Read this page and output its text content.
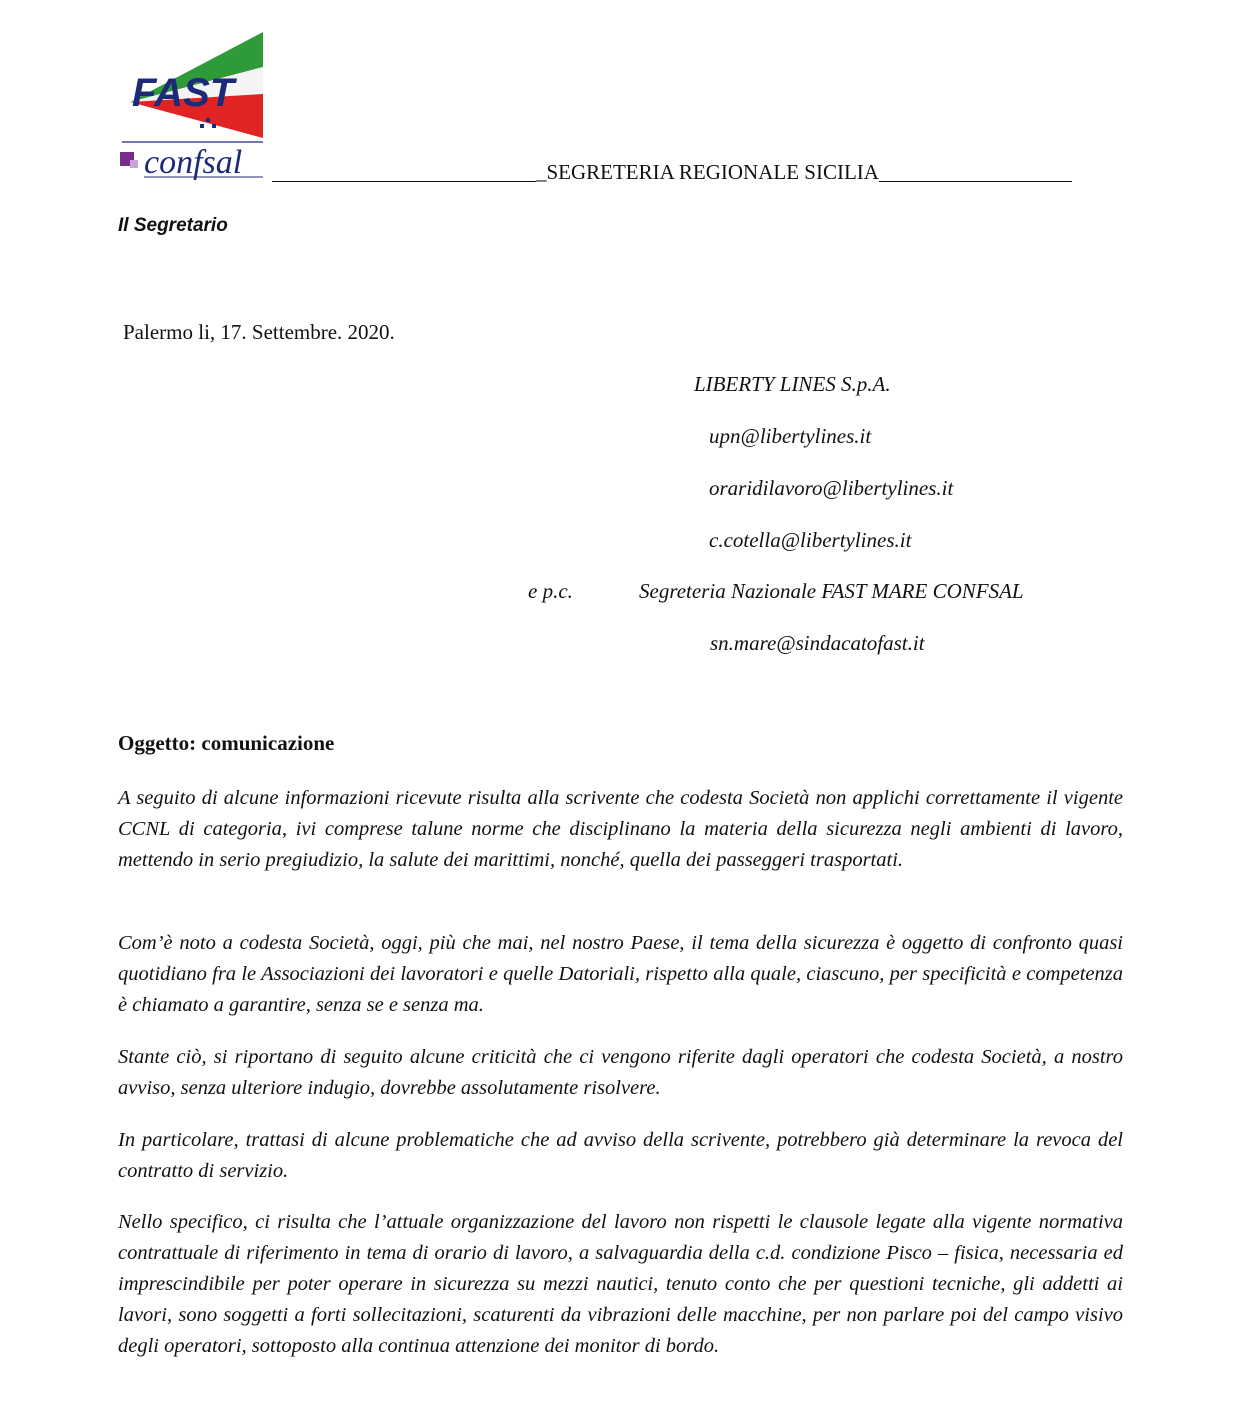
FAST
confsal	_ SEGRETERIA REGIONALE SICILIA
Il Segretario
Palermo li, 17. Settembre. 2020.
LIBERTY LINES S.p.A.
upn@libertylines.it
oraridilavoro@libertylines.it
c.cotella@libertylines.it
e p.c.	Segreteria Nazionale FAST MARE CONFSAL
sn.mare@sindacatofast.it
Oggetto: comunicazione
A seguito di alcune informazioni ricevute risulta alla scrivente che codesta Società non applichi correttamente il vigente CCNL di categoria, ivi comprese talune norme che disciplinano la materia della sicurezza negli ambienti di lavoro, mettendo in serio pregiudizio, la salute dei marittimi, nonché, quella dei passeggeri trasportati.
Com’è noto a codesta Società, oggi, più che mai, nel nostro Paese, il tema della sicurezza è oggetto di confronto quasi quotidiano fra le Associazioni dei lavoratori e quelle Datoriali, rispetto alla quale, ciascuno, per specificità e competenza è chiamato a garantire, senza se e senza ma.
Stante ciò, si riportano di seguito alcune criticità che ci vengono riferite dagli operatori che codesta Società, a nostro avviso, senza ulteriore indugio, dovrebbe assolutamente risolvere.
In particolare, trattasi di alcune problematiche che ad avviso della scrivente, potrebbero già determinare la revoca del contratto di servizio.
Nello specifico, ci risulta che l’attuale organizzazione del lavoro non rispetti le clausole legate alla vigente normativa contrattuale di riferimento in tema di orario di lavoro, a salvaguardia della c.d. condizione Pisco – fisica, necessaria ed imprescindibile per poter operare in sicurezza su mezzi nautici, tenuto conto che per questioni tecniche, gli addetti ai lavori, sono soggetti a forti sollecitazioni, scaturenti da vibrazioni delle macchine, per non parlare poi del campo visivo degli operatori, sottoposto alla continua attenzione dei monitor di bordo.
